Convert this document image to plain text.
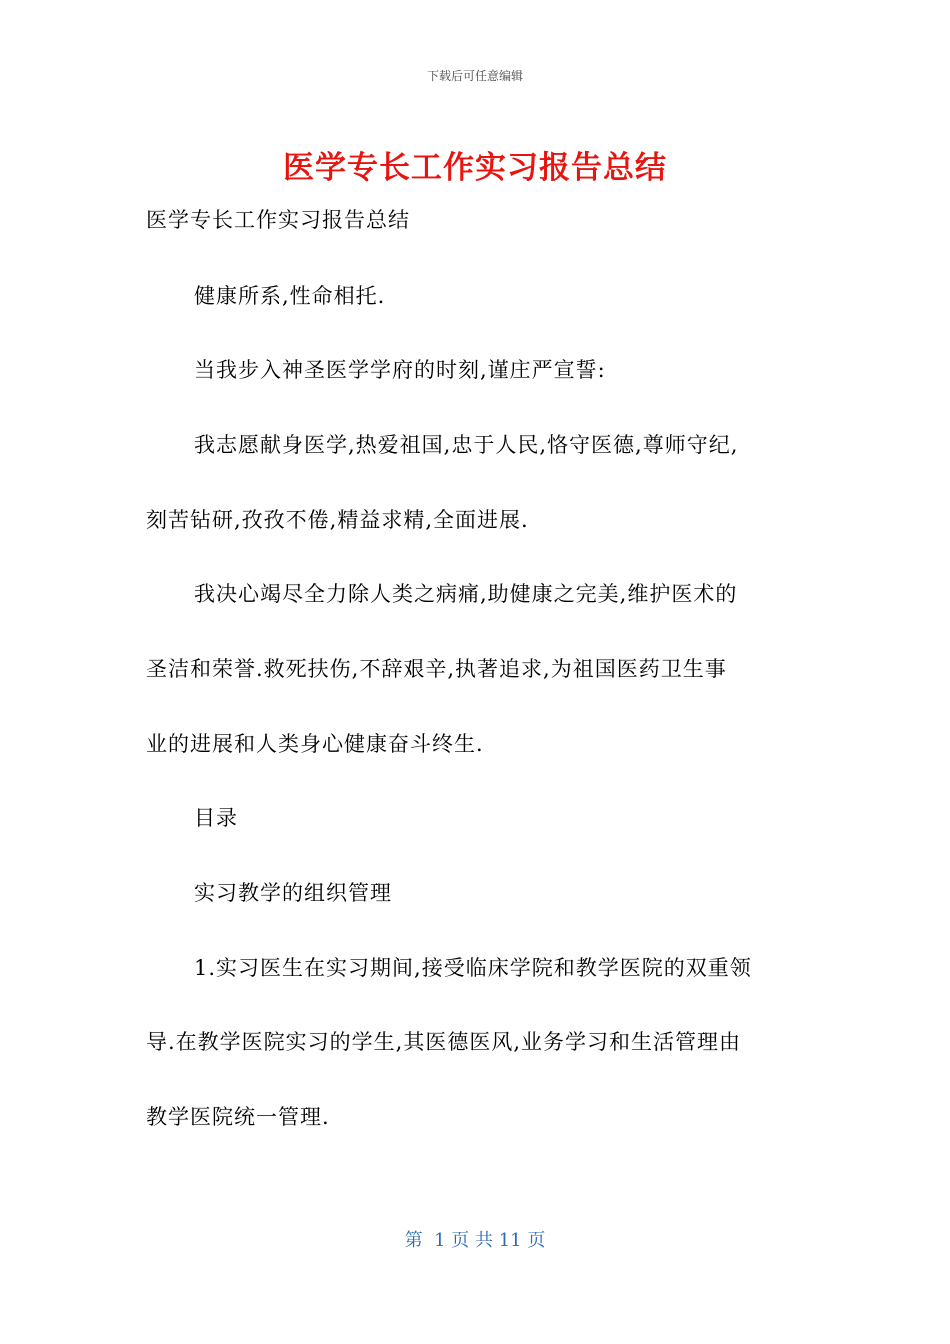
下载后可任意编辑
医学专长工作实习报告总结
医学专长工作实习报告总结
健康所系,性命相托.
当我步入神圣医学学府的时刻,谨庄严宣誓:
我志愿献身医学,热爱祖国,忠于人民,恪守医德,尊师守纪,
刻苦钻研,孜孜不倦,精益求精,全面进展.
我决心竭尽全力除人类之病痛,助健康之完美,维护医术的
圣洁和荣誉.救死扶伤,不辞艰辛,执著追求,为祖国医药卫生事
业的进展和人类身心健康奋斗终生.
目录
实习教学的组织管理
1.实习医生在实习期间,接受临床学院和教学医院的双重领
导.在教学医院实习的学生,其医德医风,业务学习和生活管理由
教学医院统一管理.
第  1 页 共 11 页
